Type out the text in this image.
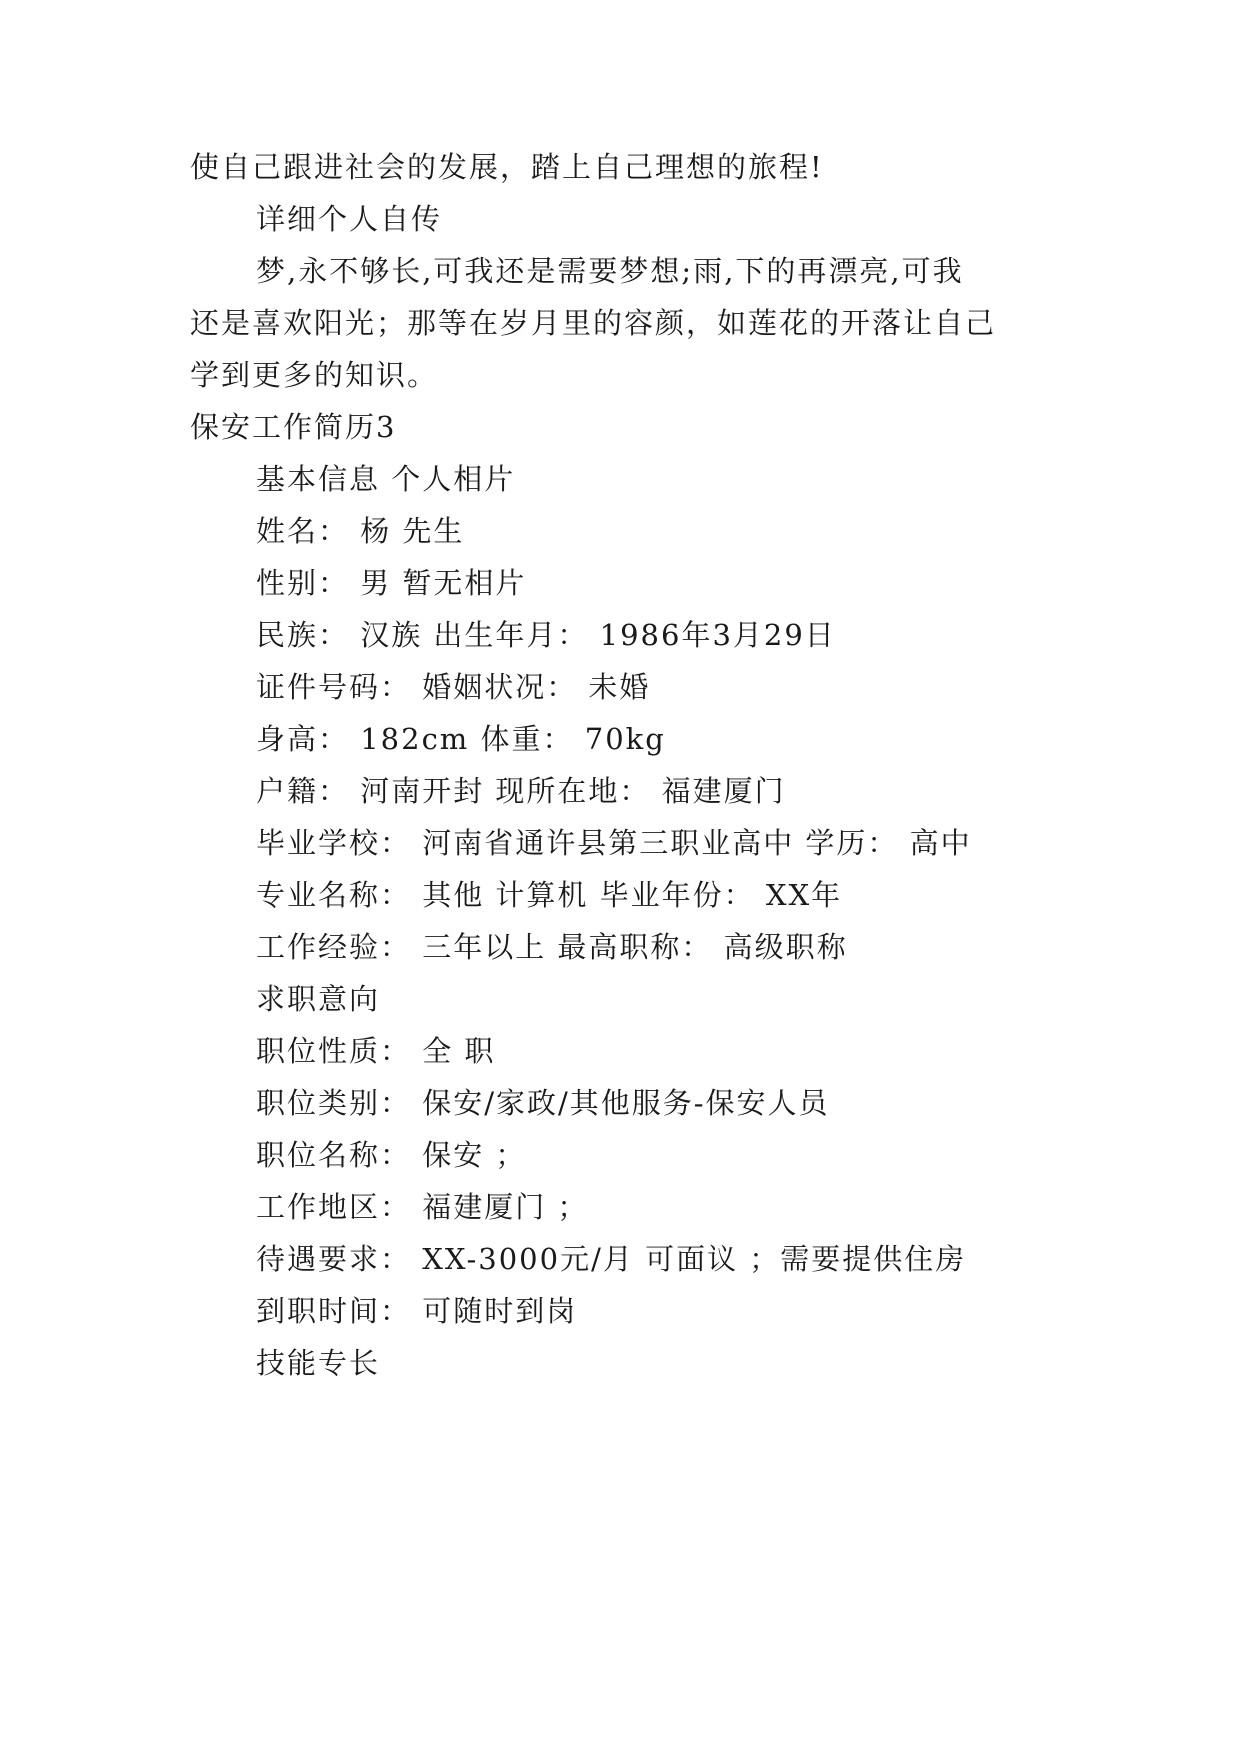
使自己跟进社会的发展，踏上自己理想的旅程!
详细个人自传
梦,永不够长,可我还是需要梦想;雨,下的再漂亮,可我
还是喜欢阳光；那等在岁月里的容颜，如莲花的开落让自己
学到更多的知识。
保安工作简历3
基本信息 个人相片
姓名： 杨 先生
性别： 男 暂无相片
民族： 汉族 出生年月： 1986年3月29日
证件号码： 婚姻状况： 未婚
身高： 182cm 体重： 70kg
户籍： 河南开封 现所在地： 福建厦门
毕业学校： 河南省通许县第三职业高中 学历： 高中
专业名称： 其他 计算机 毕业年份： XX年
工作经验： 三年以上 最高职称： 高级职称
求职意向
职位性质： 全 职
职位类别： 保安/家政/其他服务-保安人员
职位名称： 保安 ；
工作地区： 福建厦门 ；
待遇要求： XX-3000元/月 可面议 ；需要提供住房
到职时间： 可随时到岗
技能专长
